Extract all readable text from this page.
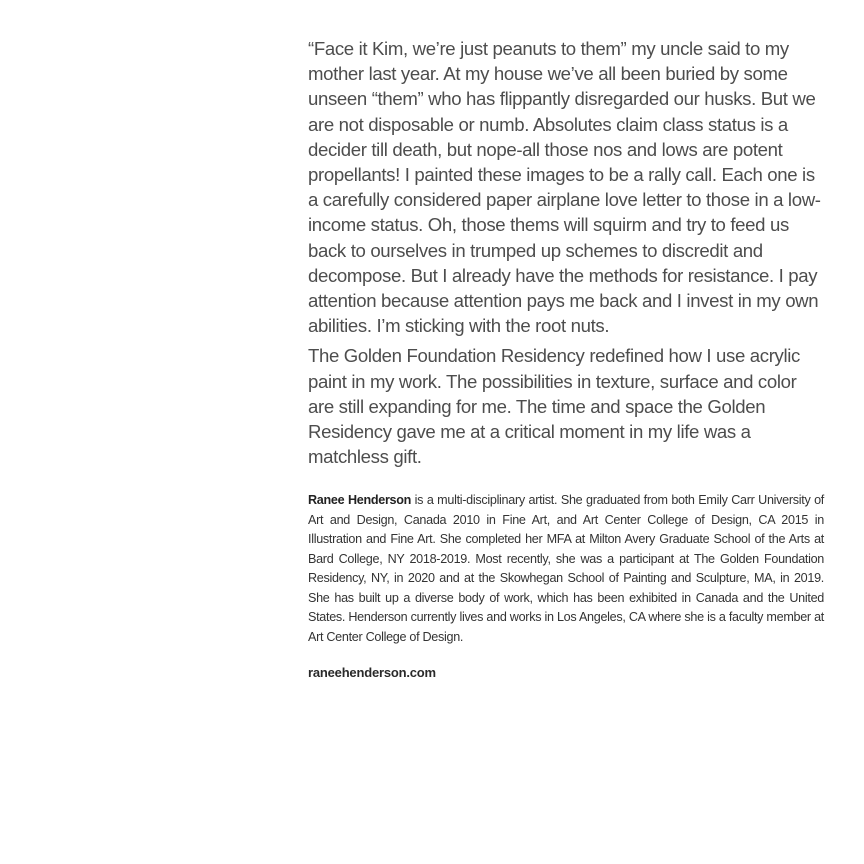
“Face it Kim, we’re just peanuts to them” my uncle said to my mother last year. At my house we’ve all been buried by some unseen “them” who has flippantly disregarded our husks. But we are not disposable or numb. Absolutes claim class status is a decider till death, but nope-all those nos and lows are potent propellants! I painted these images to be a rally call. Each one is a carefully considered paper airplane love letter to those in a low-income status. Oh, those thems will squirm and try to feed us back to ourselves in trumped up schemes to discredit and decompose. But I already have the methods for resistance. I pay attention because attention pays me back and I invest in my own abilities. I’m sticking with the root nuts.

The Golden Foundation Residency redefined how I use acrylic paint in my work. The possibilities in texture, surface and color are still expanding for me. The time and space the Golden Residency gave me at a critical moment in my life was a matchless gift.

Ranee Henderson is a multi-disciplinary artist. She graduated from both Emily Carr University of Art and Design, Canada 2010 in Fine Art, and Art Center College of Design, CA 2015 in Illustration and Fine Art. She completed her MFA at Milton Avery Graduate School of the Arts at Bard College, NY 2018-2019. Most recently, she was a participant at The Golden Foundation Residency, NY, in 2020 and at the Skowhegan School of Painting and Sculpture, MA, in 2019. She has built up a diverse body of work, which has been exhibited in Canada and the United States. Henderson currently lives and works in Los Angeles, CA where she is a faculty member at Art Center College of Design.

raneehenderson.com
